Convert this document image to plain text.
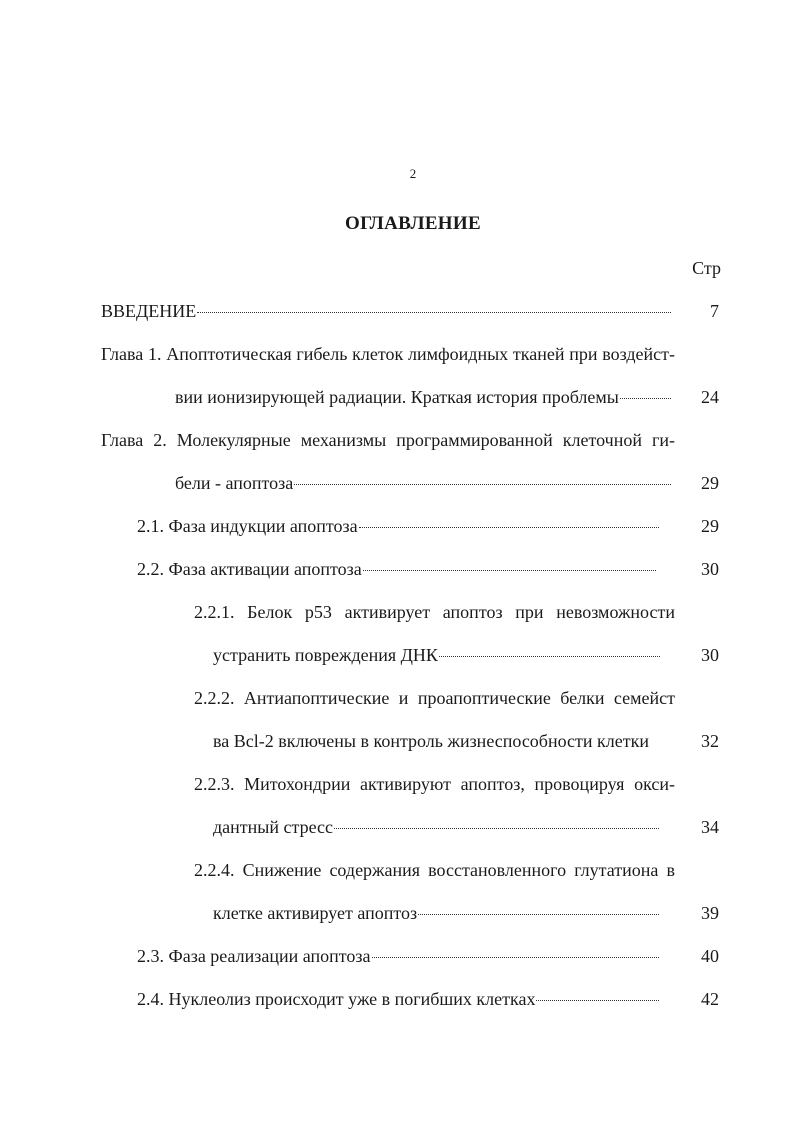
2
ОГЛАВЛЕНИЕ
Стр
ВВЕДЕНИЕ	7
Глава 1. Апоптотическая гибель клеток лимфоидных тканей при воздейст-
вии ионизирующей радиации. Краткая история проблемы	24
Глава 2. Молекулярные механизмы программированной клеточной ги-
бели - апоптоза	29
2.1. Фаза индукции апоптоза	29
2.2. Фаза активации апоптоза	30
2.2.1. Белок p53 активирует апоптоз при невозможности
устранить повреждения ДНК	30
2.2.2. Антиапоптические и проапоптические белки семейст
ва Bcl-2 включены в контроль жизнеспособности клетки	32
2.2.3. Митохондрии активируют апоптоз, провоцируя окси-
дантный стресс	34
2.2.4. Снижение содержания восстановленного глутатиона в
клетке активирует апоптоз	39
2.3. Фаза реализации апоптоза	40
2.4. Нуклеолиз происходит уже в погибших клетках	42
